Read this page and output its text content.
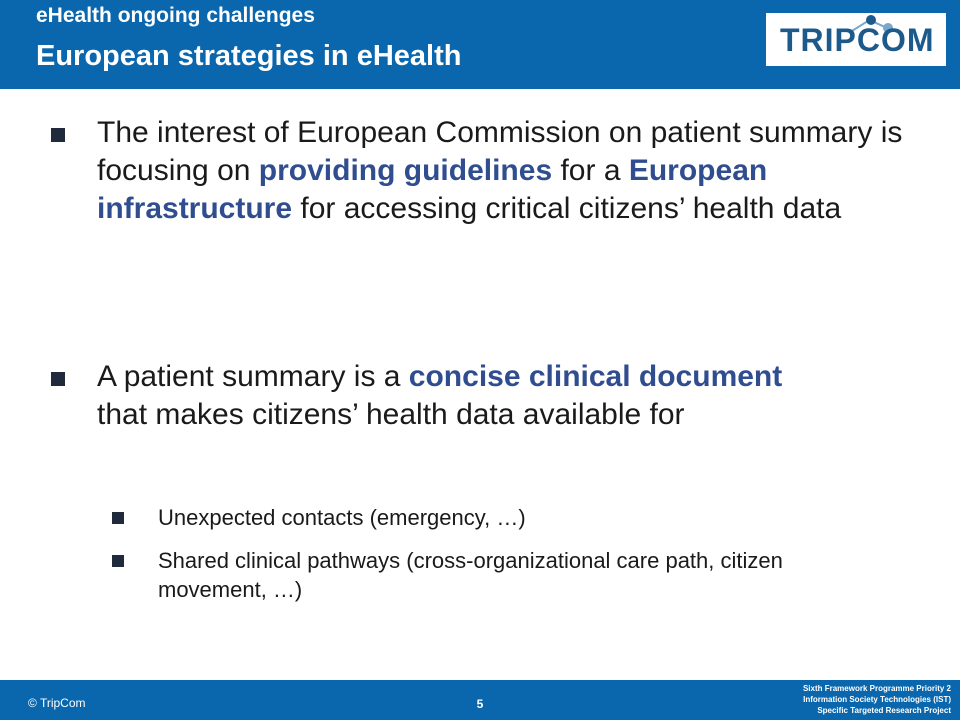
eHealth ongoing challenges
European strategies in eHealth	TRIPCOM
The interest of European Commission on patient summary is focusing on providing guidelines for a European infrastructure for accessing critical citizens’ health data
A patient summary is a concise clinical document that makes citizens’ health data available for
Unexpected contacts (emergency, …)
Shared clinical pathways (cross-organizational care path, citizen movement, …)
© TripCom	5
Sixth Framework Programme Priority 2
Information Society Technologies (IST)
Specific Targeted Research Project
